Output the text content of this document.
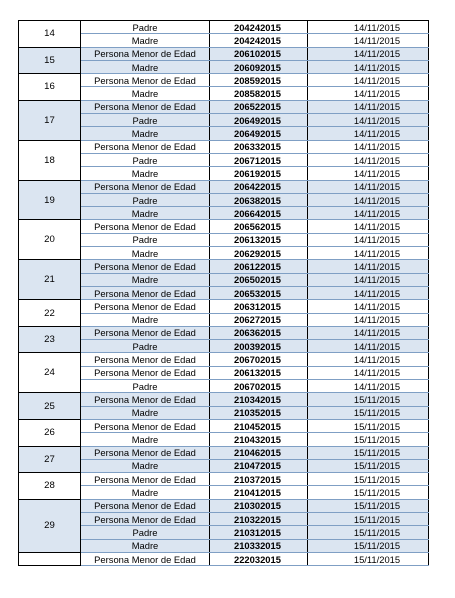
14	Padre	204242015	14/11/2015
	Madre	204242015	14/11/2015
15	Persona Menor de Edad	206102015	14/11/2015
	Madre	206092015	14/11/2015
16	Persona Menor de Edad	208592015	14/11/2015
	Madre	208582015	14/11/2015
17	Persona Menor de Edad	206522015	14/11/2015
	Padre	206492015	14/11/2015
	Madre	206492015	14/11/2015
18	Persona Menor de Edad	206332015	14/11/2015
	Padre	206712015	14/11/2015
	Madre	206192015	14/11/2015
19	Persona Menor de Edad	206422015	14/11/2015
	Padre	206382015	14/11/2015
	Madre	206642015	14/11/2015
20	Persona Menor de Edad	206562015	14/11/2015
	Padre	206132015	14/11/2015
	Madre	206292015	14/11/2015
21	Persona Menor de Edad	206122015	14/11/2015
	Madre	206502015	14/11/2015
	Persona Menor de Edad	206532015	14/11/2015
22	Persona Menor de Edad	206312015	14/11/2015
	Madre	206272015	14/11/2015
23	Persona Menor de Edad	206362015	14/11/2015
	Padre	200392015	14/11/2015
24	Persona Menor de Edad	206702015	14/11/2015
	Persona Menor de Edad	206132015	14/11/2015
	Padre	206702015	14/11/2015
25	Persona Menor de Edad	210342015	15/11/2015
	Madre	210352015	15/11/2015
26	Persona Menor de Edad	210452015	15/11/2015
	Madre	210432015	15/11/2015
27	Persona Menor de Edad	210462015	15/11/2015
	Madre	210472015	15/11/2015
28	Persona Menor de Edad	210372015	15/11/2015
	Madre	210412015	15/11/2015
29	Persona Menor de Edad	210302015	15/11/2015
	Persona Menor de Edad	210322015	15/11/2015
	Padre	210312015	15/11/2015
	Madre	210332015	15/11/2015
	Persona Menor de Edad	222032015	15/11/2015
